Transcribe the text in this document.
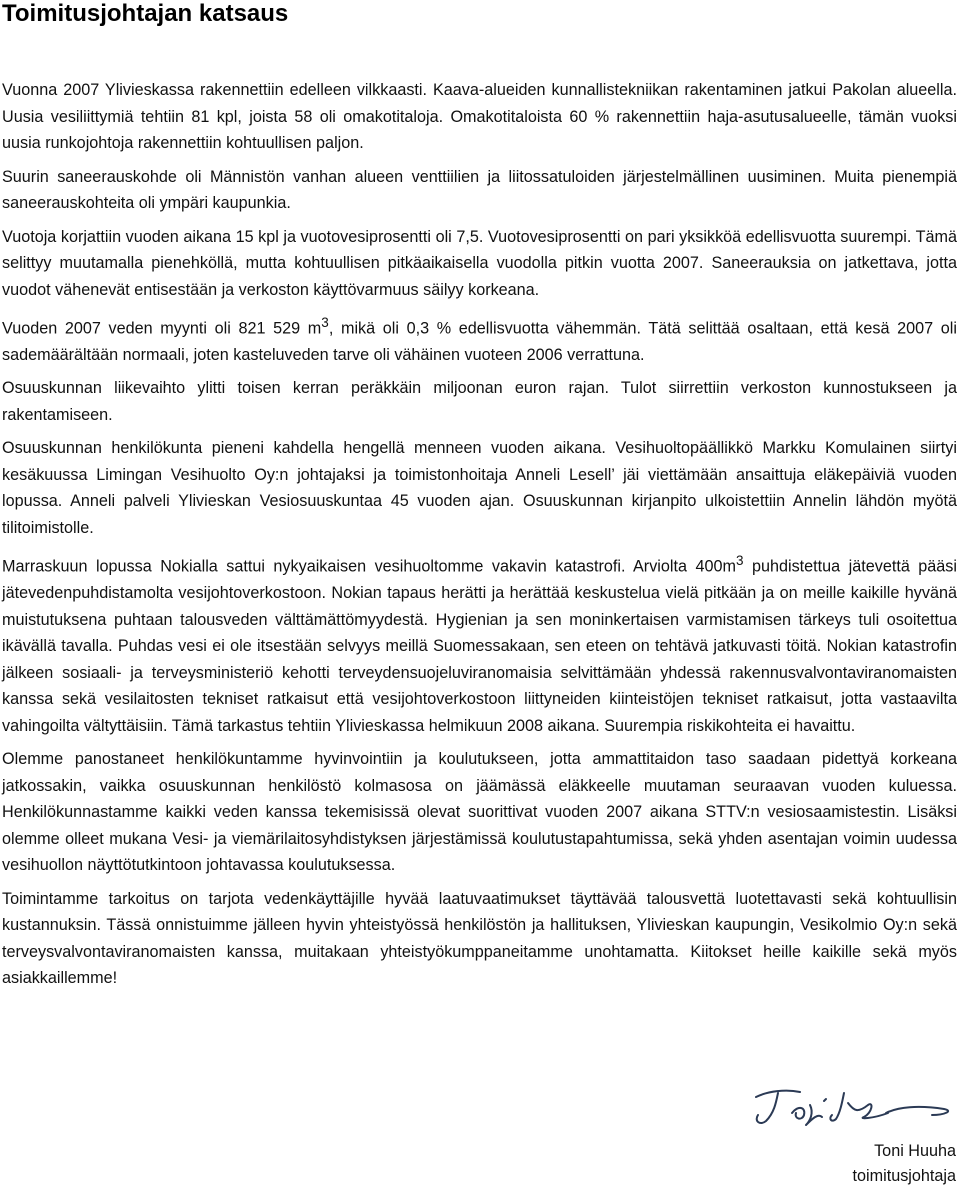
Toimitusjohtajan katsaus

Vuonna 2007 Ylivieskassa rakennettiin edelleen vilkkaasti. Kaava-alueiden kunnallistekniikan rakentaminen jatkui Pakolan alueella. Uusia vesiliittymiä tehtiin 81 kpl, joista 58 oli omakotitaloja. Omakotitaloista 60 % rakennettiin haja-asutusalueelle, tämän vuoksi uusia runkojohtoja rakennettiin kohtuullisen paljon.

Suurin saneerauskohde oli Männistön vanhan alueen venttiilien ja liitossatuloiden järjestelmällinen uusiminen. Muita pienempiä saneerauskohteita oli ympäri kaupunkia.

Vuotoja korjattiin vuoden aikana 15 kpl ja vuotovesiprosentti oli 7,5. Vuotovesiprosentti on pari yksikköä edellisvuotta suurempi. Tämä selittyy muutamalla pienehköllä, mutta kohtuullisen pitkäaikaisella vuodolla pitkin vuotta 2007. Saneerauksia on jatkettava, jotta vuodot vähenevät entisestään ja verkoston käyttövarmuus säilyy korkeana.

Vuoden 2007 veden myynti oli 821 529 $m^3$, mikä oli 0,3 % edellisvuotta vähemmän. Tätä selittää osaltaan, että kesä 2007 oli sademäärältään normaali, joten kasteluveden tarve oli vähäinen vuoteen 2006 verrattuna.

Osuuskunnan liikevaihto ylitti toisen kerran peräkkäin miljoonan euron rajan. Tulot siirrettiin verkoston kunnostukseen ja rakentamiseen.

Osuuskunnan henkilökunta pieneni kahdella hengellä menneen vuoden aikana. Vesihuoltopäällikkö Markku Komulainen siirtyi kesäkuussa Limingan Vesihuolto Oy:n johtajaksi ja toimistonhoitaja Anneli Lesell’ jäi viettämään ansaittuja eläkepäiviä vuoden lopussa. Anneli palveli Ylivieskan Vesiosuuskuntaa 45 vuoden ajan. Osuuskunnan kirjanpito ulkoistettiin Annelin lähdön myötä tilitoimistolle.

Marraskuun lopussa Nokialla sattui nykyaikaisen vesihuoltomme vakavin katastrofi. Arviolta $400m^3$ puhdistettua jätevettä pääsi jätevedenpuhdistamolta vesijohtoverkostoon. Nokian tapaus herätti ja herättää keskustelua vielä pitkään ja on meille kaikille hyvänä muistutuksena puhtaan talousveden välttämättömyydestä. Hygienian ja sen moninkertaisen varmistamisen tärkeys tuli osoitettua ikävällä tavalla. Puhdas vesi ei ole itsestään selvyys meillä Suomessakaan, sen eteen on tehtävä jatkuvasti töitä. Nokian katastrofin jälkeen sosiaali- ja terveysministeriö kehotti terveydensuojeluviranomaisia selvittämään yhdessä rakennusvalvontaviranomaisten kanssa sekä vesilaitosten tekniset ratkaisut että vesijohtoverkostoon liittyneiden kiinteistöjen tekniset ratkaisut, jotta vastaavilta vahingoilta vältyttäisiin. Tämä tarkastus tehtiin Ylivieskassa helmikuun 2008 aikana. Suurempia riskikohteita ei havaittu.

Olemme panostaneet henkilökuntamme hyvinvointiin ja koulutukseen, jotta ammattitaidon taso saadaan pidettyä korkeana jatkossakin, vaikka osuuskunnan henkilöstö kolmasosa on jäämässä eläkkeelle muutaman seuraavan vuoden kuluessa. Henkilökunnastamme kaikki veden kanssa tekemisissä olevat suorittivat vuoden 2007 aikana STTV:n vesiosaamistestin. Lisäksi olemme olleet mukana Vesi- ja viemärilaitosyhdistyksen järjestämissä koulutustapahtumissa, sekä yhden asentajan voimin uudessa vesihuollon näyttötutkintoon johtavassa koulutuksessa.

Toimintamme tarkoitus on tarjota vedenkäyttäjille hyvää laatuvaatimukset täyttävää talousvettä luotettavasti sekä kohtuullisin kustannuksin. Tässä onnistuimme jälleen hyvin yhteistyössä henkilöstön ja hallituksen, Ylivieskan kaupungin, Vesikolmio Oy:n sekä terveysvalvontaviranomaisten kanssa, muitakaan yhteistyökumppaneitamme unohtamatta. Kiitokset heille kaikille sekä myös asiakkaillemme!

Toni Huuha
toimitusjohtaja
